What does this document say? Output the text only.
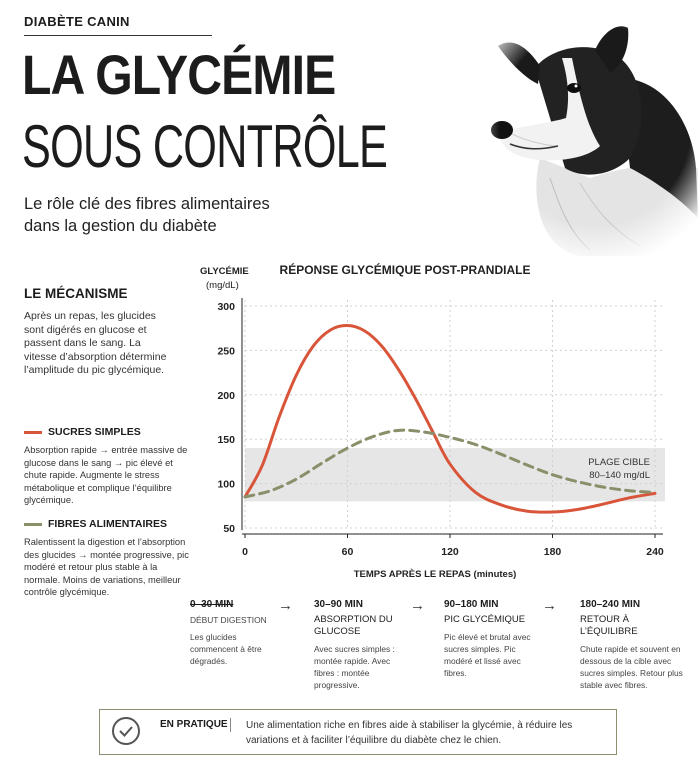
DIABÈTE CANIN
LA GLYCÉMIE
SOUS CONTRÔLE
Le rôle clé des fibres alimentaires dans la gestion du diabète
LE MÉCANISME
Après un repas, les glucides sont digérés en glucose et passent dans le sang. La vitesse d’absorption détermine l’amplitude du pic glycémique.
SUCRES SIMPLES
Absorption rapide → entrée massive de glucose dans le sang → pic élevé et chute rapide. Augmente le stress métabolique et complique l’équilibre glycémique.
FIBRES ALIMENTAIRES
Ralentissent la digestion et l’absorption des glucides → montée progressive, pic modéré et retour plus stable à la normale. Moins de variations, meilleur contrôle glycémique.
GLYCÉMIE
(mg/dL)
RÉPONSE GLYCÉMIQUE POST-PRANDIALE
PLAGE CIBLE
80–140 mg/dL
50
100
150
200
250
300
0	60	120	180	240
TEMPS APRÈS LE REPAS (minutes)
0–30 MIN
DÉBUT DIGESTION
Les glucides commencent à être dégradés.
→ 30–90 MIN
ABSORPTION DU GLUCOSE
Avec sucres simples : montée rapide. Avec fibres : montée progressive.
→ 90–180 MIN
PIC GLYCÉMIQUE
Pic élevé et brutal avec sucres simples. Pic modéré et lissé avec fibres.
→ 180–240 MIN
RETOUR À L’ÉQUILIBRE
Chute rapide et souvent en dessous de la cible avec sucres simples. Retour plus stable avec fibres.
EN PRATIQUE Une alimentation riche en fibres aide à stabiliser la glycémie, à réduire les variations et à faciliter l’équilibre du diabète chez le chien.
